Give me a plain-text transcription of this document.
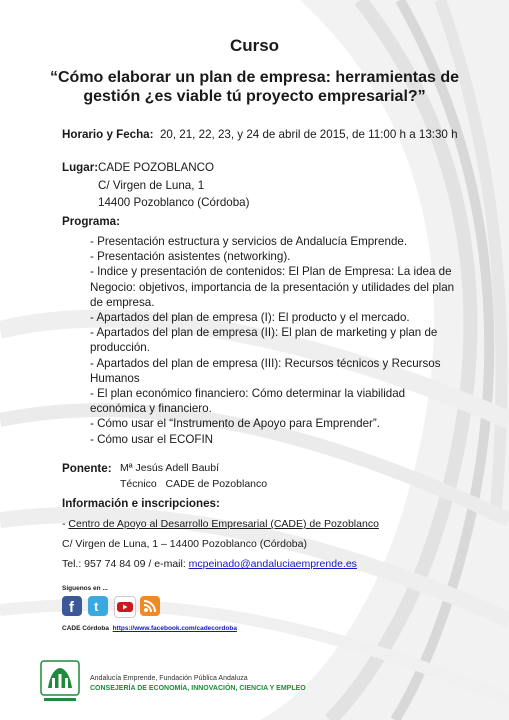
Curso
“Cómo elaborar un plan de empresa: herramientas de gestión ¿es viable tú proyecto empresarial?”
Horario y Fecha: 20, 21, 22, 23, y 24 de abril de 2015, de 11:00 h a 13:30 h
Lugar: CADE POZOBLANCO
C/ Virgen de Luna, 1
14400 Pozoblanco (Córdoba)
Programa:
- Presentación estructura y servicios de Andalucía Emprende.
- Presentación asistentes (networking).
- Indice y presentación de contenidos: El Plan de Empresa: La idea de Negocio: objetivos, importancia de la presentación y utilidades del plan de empresa.
- Apartados del plan de empresa (I): El producto y el mercado.
- Apartados del plan de empresa (II): El plan de marketing y plan de producción.
- Apartados del plan de empresa (III): Recursos técnicos y Recursos Humanos
- El plan económico financiero: Cómo determinar la viabilidad económica y financiero.
- Cómo usar el “Instrumento de Apoyo para Emprender”.
- Cómo usar el ECOFIN
Ponente: Mª Jesús Adell Baubí
Técnico CADE de Pozoblanco
Información e inscripciones:
- Centro de Apoyo al Desarrollo Empresarial (CADE) de Pozoblanco
C/ Virgen de Luna, 1 – 14400 Pozoblanco (Córdoba)
Tel.: 957 74 84 09 / e-mail: mcpeinado@andaluciaemprende.es
Síguenos en ...
f t
CADE Córdoba https://www.facebook.com/cadecordoba
Andalucía Emprende, Fundación Pública Andaluza
CONSEJERÍA DE ECONOMÍA, INNOVACIÓN, CIENCIA Y EMPLEO
